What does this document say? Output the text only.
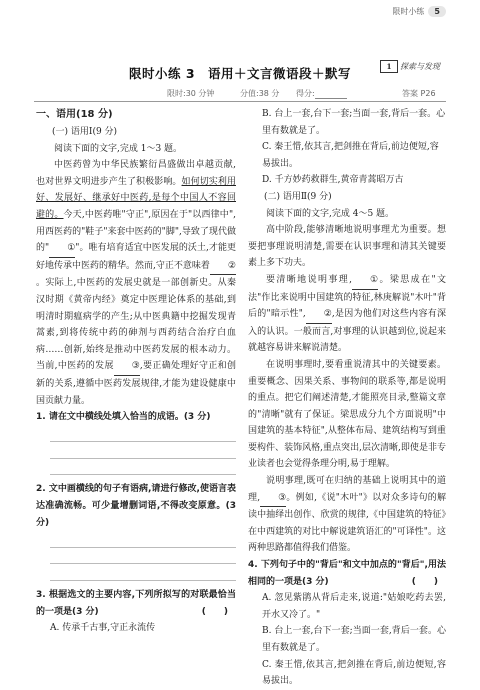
限时小练	5
限时小练 3　语用＋文言微语段＋默写	1	探索与发现
限时:30 分钟	分值:38 分 得分:	答案 P26
一、语用(18 分)
(一) 语用Ⅰ(9 分)
阅读下面的文字,完成 1～3 题。
中医药曾为中华民族繁衍昌盛做出卓越贡献,也对世界文明进步产生了积极影响。如何切实利用好、发展好、继承好中医药,是每个中国人不容回避的。今天,中医药唯"守正",原因在于"以西律中",用西医药的"鞋子"来套中医药的"脚",导致了现代做的" ①"。唯有培育适宜中医发展的沃土,才能更好地传承中医药的精华。然而,守正不意味着 ②。实际上,中医药的发展史就是一部创新史。从秦汉时期《黄帝内经》奠定中医理论体系的基础,到明清时期瘟病学的产生;从中医典籍中挖掘发现青蒿素,到将传统中药的砷剂与西药结合治疗白血病……创新,始终是推动中医药发展的根本动力。当前,中医药的发展 ③,要正确处理好守正和创新的关系,遵循中医药发展规律,才能为建设健康中国贡献力量。
1. 请在文中横线处填入恰当的成语。(3 分)
2. 文中画横线的句子有语病,请进行修改,使语言表达准确流畅。可少量增删词语,不得改变原意。(3 分)
3. 根据选文的主要内容,下列所拟写的对联最恰当的一项是(3 分)	(　　)
A. 传承千古事,守正永流传
B. 台上一套,台下一套;当面一套,背后一套。心里有数就是了。
C. 秦王惜,依其言,把剑推在背后,前边便短,容易拔出。
D. 千方妙药救群生,黄帝青蒿昭万古
(二) 语用Ⅱ(9 分)
阅读下面的文字,完成 4～5 题。
高中阶段,能够清晰地说明事理尤为重要。想要把事理说明清楚,需要在认识事理和清其关键要素上多下功夫。
要清晰地说明事理, ①。梁思成在"文法"作比来说明中国建筑的特征,林庚解说"木叶"背后的"暗示性", ②,是因为他们对这些内容有深入的认识。一般而言,对事理的认识越到位,说起来就越容易讲来解说清楚。
在说明事理时,要看重说清其中的关键要素。重要概念、因果关系、事物间的联系等,都是说明的重点。把它们阐述清楚,才能照亮目录,整篇文章的"清晰"就有了保证。梁思成分九个方面说明"中国建筑的基本特征",从整体布局、建筑结构写到重要构件、装饰风格,重点突出,层次清晰,即使是非专业读者也会觉得条理分明,易于理解。
说明事理,既可在归纳的基础上说明其中的道理, ③。例如,《说"木叶"》以对众多诗句的解读中抽绎出创作、欣赏的规律,《中国建筑的特征》在中西建筑的对比中解说建筑语汇的"可译性"。这两种思路都值得我们借鉴。
4. 下列句子中的"背后"和文中加点的"背后",用法相同的一项是(3 分)	(　　)
A. 忽见紫鹃从背后走来,说道:"姑娘吃药去罢,开水又冷了。"
B. 台上一套,台下一套;当面一套,背后一套。心里有数就是了。
C. 秦王惜,依其言,把剑推在背后,前边便短,容易拔出。
